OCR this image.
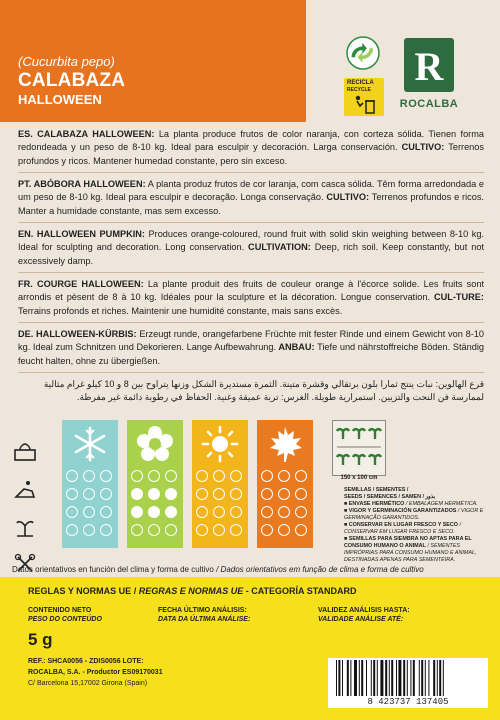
(Cucurbita pepo)
CALABAZA
HALLOWEEN
RECICLA
RECYCLE
R
ROCALBA

ES. CALABAZA HALLOWEEN: La planta produce frutos de color naranja, con corteza sólida. Tienen forma redondeada y un peso de 8-10 kg. Ideal para esculpir y decoración. Larga conservación. CULTIVO: Terrenos profundos y ricos. Mantener humedad constante, pero sin exceso.

PT. ABÓBORA HALLOWEEN: A planta produz frutos de cor laranja, com casca sólida. Têm forma arredondada e um peso de 8-10 kg. Ideal para esculpir e decoração. Longa conservação. CULTIVO: Terrenos profundos e ricos. Manter a humidade constante, mas sem excesso.

EN. HALLOWEEN PUMPKIN: Produces orange-coloured, round fruit with solid skin weighing between 8-10 kg. Ideal for sculpting and decoration. Long conservation. CULTIVATION: Deep, rich soil. Keep constantly, but not excessively damp.

FR. COURGE HALLOWEEN: La plante produit des fruits de couleur orange à l'écorce solide. Les fruits sont arrondis et pèsent de 8 à 10 kg. Idéales pour la sculpture et la décoration. Longue conservation. CUL-TURE: Terrains profonds et riches. Maintenir une humidité constante, mais sans excès.

DE. HALLOWEEN-KÜRBIS: Erzeugt runde, orangefarbene Früchte mit fester Rinde und einem Gewicht von 8-10 kg. Ideal zum Schnitzen und Dekorieren. Lange Aufbewahrung. ANBAU: Tiefe und nährstoffreiche Böden. Ständig feucht halten, ohne zu übergießen.

قرع الهالوين: نبات ينتج ثمارا بلون برتقالي وقشرة متينة. الثمرة مستديرة الشكل وزنها يتراوح بين 8 و 10 كيلو غرام مثالية لممارسة فن النحت والتزيين. استمرارية طويلة. الغرس: تربة عميقة وغنية. الحفاظ في رطوبة دائمة غير مفرطة.

150 x 100 cm
SEMILLAS / SEMENTES /
SEEDS / SEMENCES / SAMEN / بذور
■ ENVASE HERMÉTICO / EMBALAGEM HERMÉTICA.
■ VIGOR Y GERMINACIÓN GARANTIZADOS / VIGOR E GERMINAÇÃO GARANTIDOS.
■ CONSERVAR EN LUGAR FRESCO Y SECO / CONSERVAR EM LUGAR FRESCO E SECO.
■ SEMILLAS PARA SIEMBRA NO APTAS PARA EL CONSUMO HUMANO O ANIMAL / SEMENTES IMPRÓPRIAS PARA CONSUMO HUMANO E ANIMAL, DESTINADAS APENAS PARA SEMENTEIRA.
Datos orientativos en función del clima y forma de cultivo / Dados orientativos em função de clima e forma de cultivo
REGLAS Y NORMAS UE / REGRAS E NORMAS UE - CATEGORÍA STANDARD
CONTENIDO NETO
PESO DO CONTEÚDO
FECHA ÚLTIMO ANÁLISIS:
DATA DA ÚLTIMA ANÁLISE:
VALIDEZ ANÁLISIS HASTA:
VALIDADE ANÁLISE ATÉ:
5 g
REF.: SHCA0056 - ZDIS0056 LOTE:
ROCALBA, S.A. - Productor ES09170031
C/ Barcelona 15,17002 Girona (Spain)
8 423737 137405
